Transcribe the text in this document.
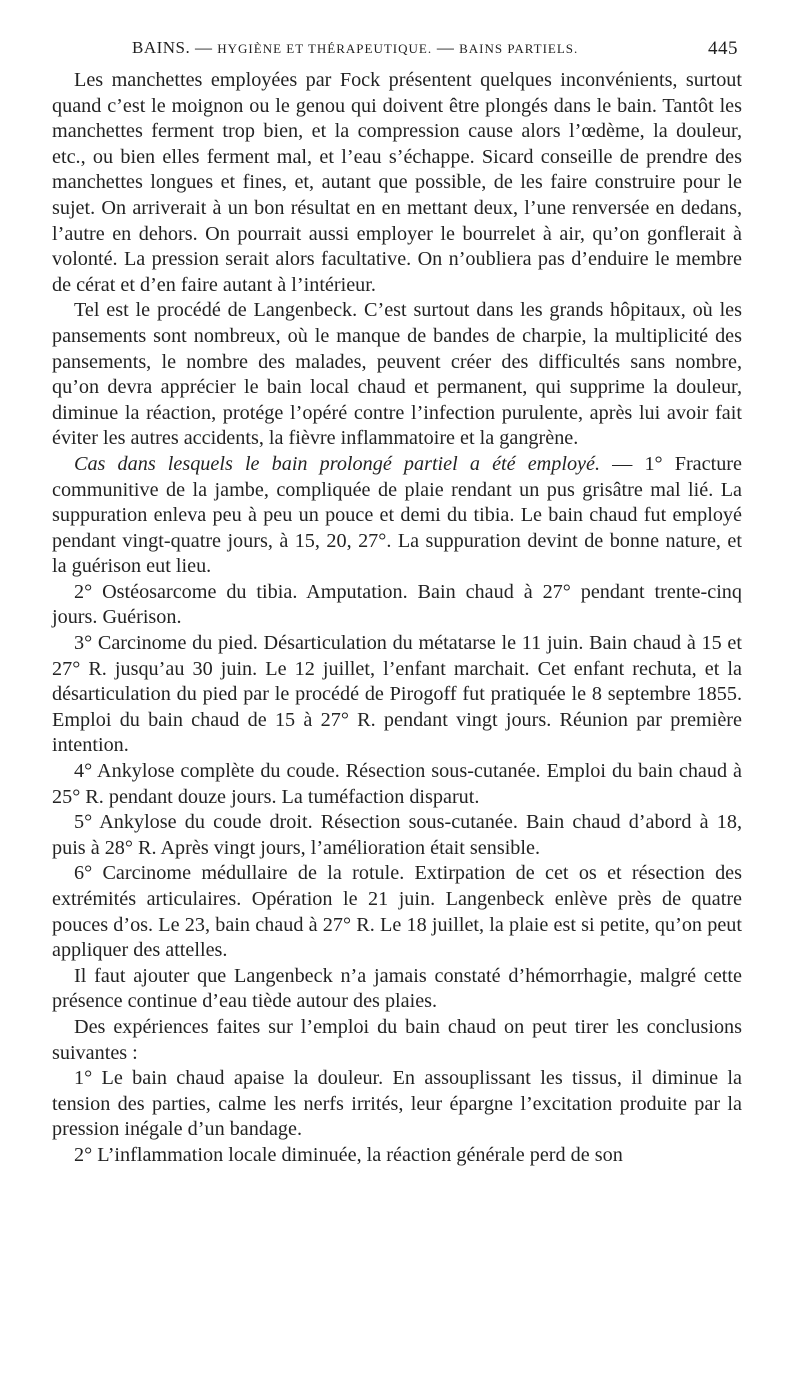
BAINS. — HYGIÈNE ET THÉRAPEUTIQUE. — BAINS PARTIELS.	445

Les manchettes employées par Fock présentent quelques inconvénients, surtout quand c’est le moignon ou le genou qui doivent être plongés dans le bain. Tantôt les manchettes ferment trop bien, et la compression cause alors l’œdème, la douleur, etc., ou bien elles ferment mal, et l’eau s’échappe. Sicard conseille de prendre des manchettes longues et fines, et, autant que possible, de les faire construire pour le sujet. On arriverait à un bon résultat en en mettant deux, l’une renversée en dedans, l’autre en dehors. On pourrait aussi employer le bourrelet à air, qu’on gonflerait à volonté. La pression serait alors facultative. On n’oubliera pas d’enduire le membre de cérat et d’en faire autant à l’intérieur.

Tel est le procédé de Langenbeck. C’est surtout dans les grands hôpitaux, où les pansements sont nombreux, où le manque de bandes de charpie, la multiplicité des pansements, le nombre des malades, peuvent créer des difficultés sans nombre, qu’on devra apprécier le bain local chaud et permanent, qui supprime la douleur, diminue la réaction, protége l’opéré contre l’infection purulente, après lui avoir fait éviter les autres accidents, la fièvre inflammatoire et la gangrène.

Cas dans lesquels le bain prolongé partiel a été employé. — 1° Fracture communitive de la jambe, compliquée de plaie rendant un pus grisâtre mal lié. La suppuration enleva peu à peu un pouce et demi du tibia. Le bain chaud fut employé pendant vingt-quatre jours, à 15, 20, 27°. La suppuration devint de bonne nature, et la guérison eut lieu.

2° Ostéosarcome du tibia. Amputation. Bain chaud à 27° pendant trente-cinq jours. Guérison.

3° Carcinome du pied. Désarticulation du métatarse le 11 juin. Bain chaud à 15 et 27° R. jusqu’au 30 juin. Le 12 juillet, l’enfant marchait. Cet enfant rechuta, et la désarticulation du pied par le procédé de Pirogoff fut pratiquée le 8 septembre 1855. Emploi du bain chaud de 15 à 27° R. pendant vingt jours. Réunion par première intention.

4° Ankylose complète du coude. Résection sous-cutanée. Emploi du bain chaud à 25° R. pendant douze jours. La tuméfaction disparut.

5° Ankylose du coude droit. Résection sous-cutanée. Bain chaud d’abord à 18, puis à 28° R. Après vingt jours, l’amélioration était sensible.

6° Carcinome médullaire de la rotule. Extirpation de cet os et résection des extrémités articulaires. Opération le 21 juin. Langenbeck enlève près de quatre pouces d’os. Le 23, bain chaud à 27° R. Le 18 juillet, la plaie est si petite, qu’on peut appliquer des attelles.

Il faut ajouter que Langenbeck n’a jamais constaté d’hémorrhagie, malgré cette présence continue d’eau tiède autour des plaies.

Des expériences faites sur l’emploi du bain chaud on peut tirer les conclusions suivantes :

1° Le bain chaud apaise la douleur. En assouplissant les tissus, il diminue la tension des parties, calme les nerfs irrités, leur épargne l’excitation produite par la pression inégale d’un bandage.

2° L’inflammation locale diminuée, la réaction générale perd de son
